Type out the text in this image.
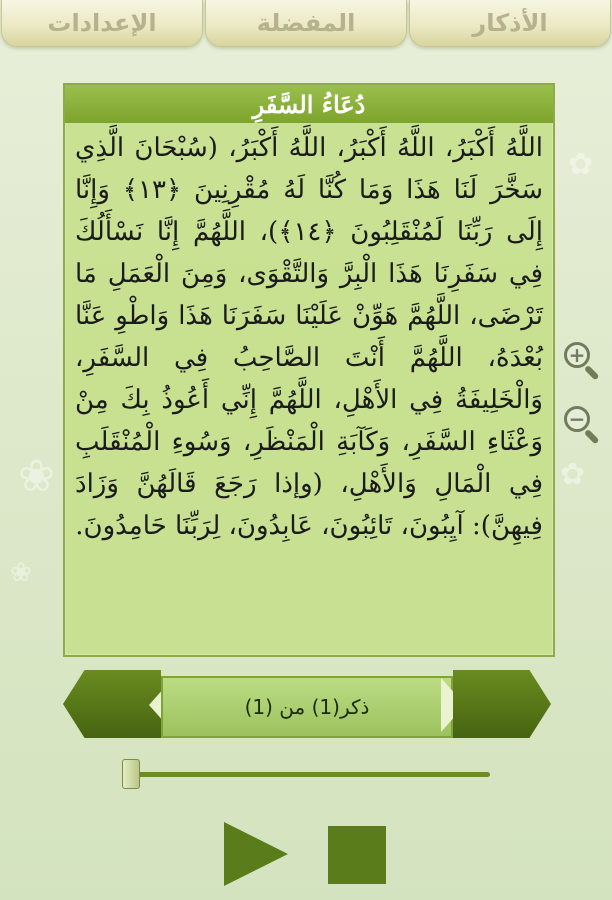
❀
✿
✿
❀
الإعدادات	المفضلة	الأذكار
دُعَاءُ السَّفَرِ
اللَّهُ أَكْبَرُ، اللَّهُ أَكْبَرُ، اللَّهُ أَكْبَرُ، (سُبْحَانَ الَّذِي سَخَّرَ لَنَا هَذَا وَمَا كُنَّا لَهُ مُقْرِنِينَ ﴿١٣﴾ وَإِنَّا إِلَى رَبِّنَا لَمُنْقَلِبُونَ ﴿١٤﴾)، اللَّهُمَّ إِنَّا نَسْأَلُكَ فِي سَفَرِنَا هَذَا الْبِرَّ وَالتَّقْوَى، وَمِنَ الْعَمَلِ مَا تَرْضَى، اللَّهُمَّ هَوِّنْ عَلَيْنَا سَفَرَنَا هَذَا وَاطْوِ عَنَّا بُعْدَهُ، اللَّهُمَّ أَنْتَ الصَّاحِبُ فِي السَّفَرِ، وَالْخَلِيفَةُ فِي الأَهْلِ، اللَّهُمَّ إِنِّي أَعُوذُ بِكَ مِنْ وَعْثَاءِ السَّفَرِ، وَكَآبَةِ الْمَنْظَرِ، وَسُوءِ الْمُنْقَلَبِ فِي الْمَالِ وَالأَهْلِ، (وإذا رَجَعَ قَالَهُنَّ وَزَادَ فِيهِنَّ): آيِبُونَ، تَائِبُونَ، عَابِدُونَ، لِرَبِّنَا حَامِدُونَ.
+
−
ذكر(1) من (1)
